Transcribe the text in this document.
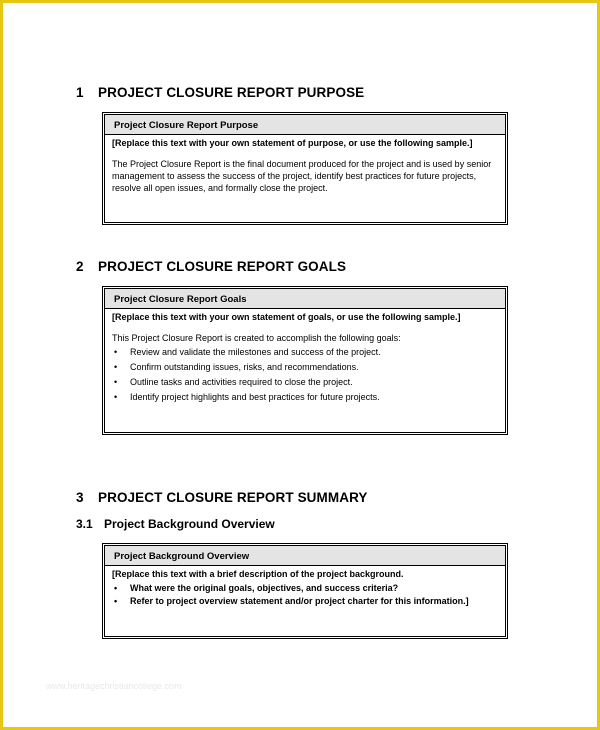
1 PROJECT CLOSURE REPORT PURPOSE
Project Closure Report Purpose
[Replace this text with your own statement of purpose, or use the following sample.]

The Project Closure Report is the final document produced for the project and is used by senior management to assess the success of the project, identify best practices for future projects, resolve all open issues, and formally close the project.

2 PROJECT CLOSURE REPORT GOALS
Project Closure Report Goals
[Replace this text with your own statement of goals, or use the following sample.]

This Project Closure Report is created to accomplish the following goals:

• Review and validate the milestones and success of the project.
• Confirm outstanding issues, risks, and recommendations.
• Outline tasks and activities required to close the project.
• Identify project highlights and best practices for future projects.
3 PROJECT CLOSURE REPORT SUMMARY
3.1 Project Background Overview
Project Background Overview
[Replace this text with a brief description of the project background.
• What were the original goals, objectives, and success criteria?
• Refer to project overview statement and/or project charter for this information.]
www.heritagechristiancollege.com
